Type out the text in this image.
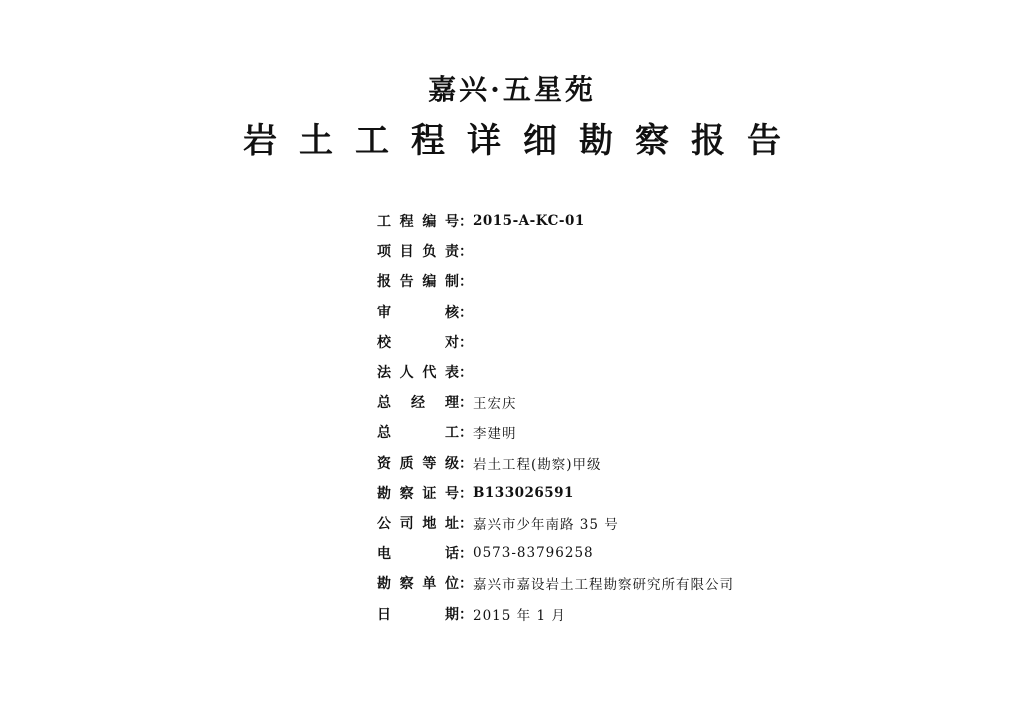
嘉兴·五星苑
岩土工程详细勘察报告
工程编号 ： 2015-A-KC-01
项目负责 ：
报告编制 ：
审核 ：
校对 ：
法人代表 ：
总经理 ： 王宏庆
总工 ： 李建明
资质等级 ： 岩土工程(勘察)甲级
勘察证号 ： B133026591
公司地址 ： 嘉兴市少年南路 35 号
电话 ： 0573-83796258
勘察单位 ： 嘉兴市嘉设岩土工程勘察研究所有限公司
日期 ： 2015 年 1 月
